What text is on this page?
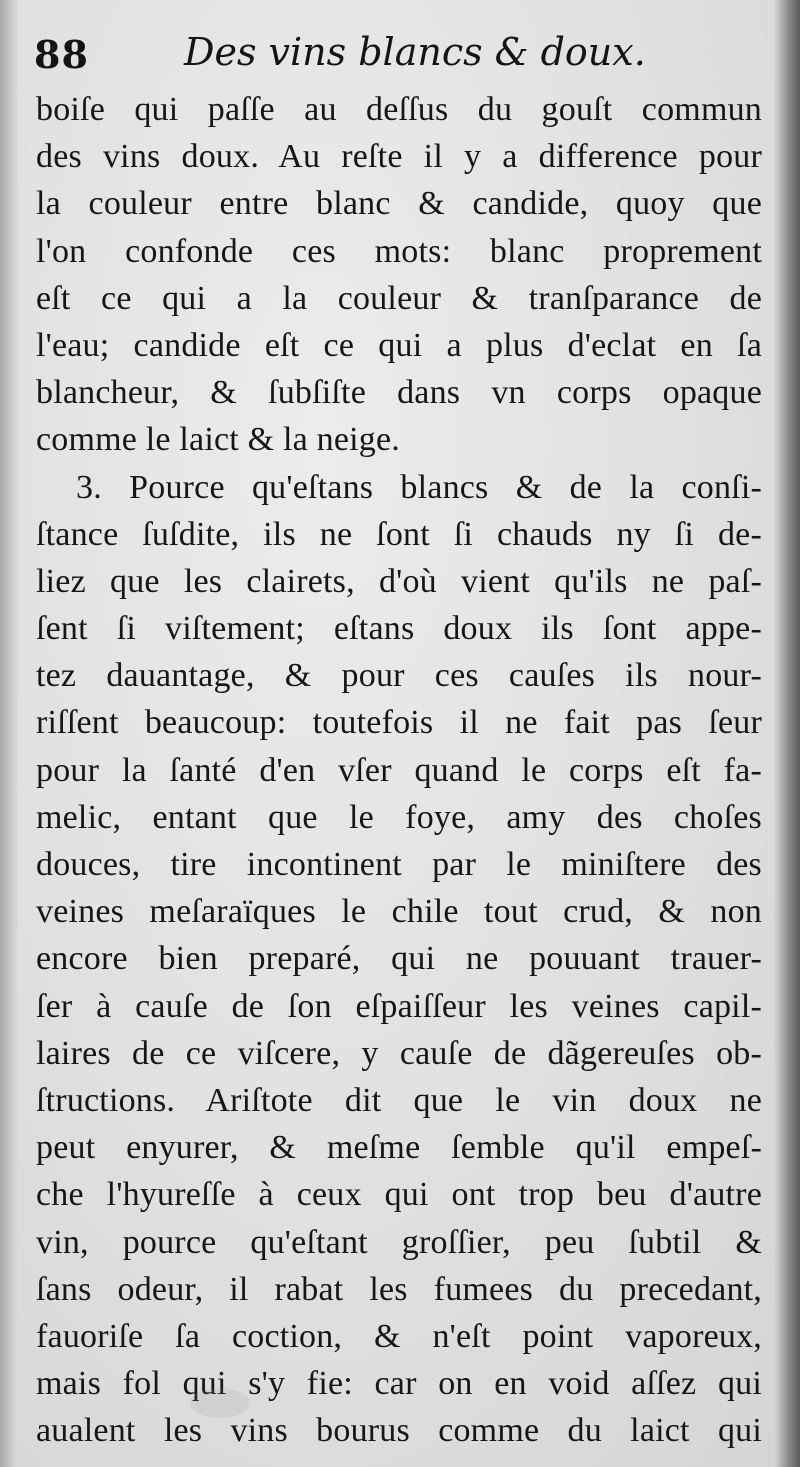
88	Des vins blancs & doux.
boiſe qui paſſe au deſſus du gouſt commun
des vins doux. Au reſte il y a difference pour
la couleur entre blanc & candide, quoy que
l'on confonde ces mots: blanc proprement
eſt ce qui a la couleur & tranſparance de
l'eau; candide eſt ce qui a plus d'eclat en ſa
blancheur, & ſubſiſte dans vn corps opaque
comme le laict & la neige.
3. Pource qu'eſtans blancs & de la conſi-
ſtance ſuſdite, ils ne ſont ſi chauds ny ſi de-
liez que les clairets, d'où vient qu'ils ne paſ-
ſent ſi viſtement; eſtans doux ils ſont appe-
tez dauantage, & pour ces cauſes ils nour-
riſſent beaucoup: toutefois il ne fait pas ſeur
pour la ſanté d'en vſer quand le corps eſt fa-
melic, entant que le foye, amy des choſes
douces, tire incontinent par le miniſtere des
veines meſaraïques le chile tout crud, & non
encore bien preparé, qui ne pouuant trauer-
ſer à cauſe de ſon eſpaiſſeur les veines capil-
laires de ce viſcere, y cauſe de dãgereuſes ob-
ſtructions. Ariſtote dit que le vin doux ne
peut enyurer, & meſme ſemble qu'il empeſ-
che l'hyureſſe à ceux qui ont trop beu d'autre
vin, pource qu'eſtant groſſier, peu ſubtil &
ſans odeur, il rabat les fumees du precedant,
fauoriſe ſa coction, & n'eſt point vaporeux,
mais fol qui s'y fie: car on en void aſſez qui
aualent les vins bourus comme du laict qui
